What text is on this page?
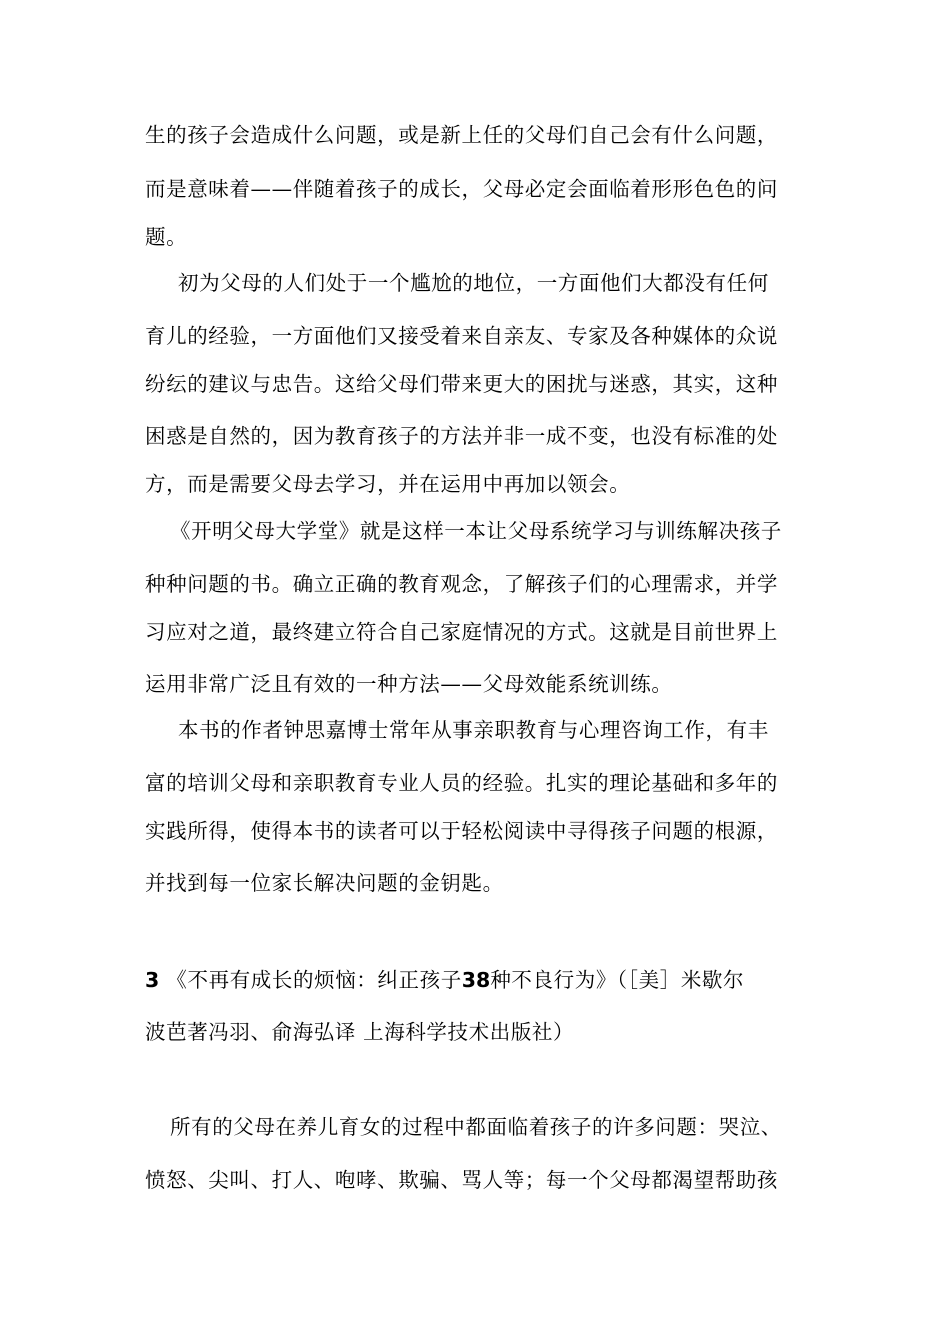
生的孩子会造成什么问题，或是新上任的父母们自己会有什么问题，
而是意味着——伴随着孩子的成长，父母必定会面临着形形色色的问
题。
初为父母的人们处于一个尴尬的地位，一方面他们大都没有任何
育儿的经验，一方面他们又接受着来自亲友、专家及各种媒体的众说
纷纭的建议与忠告。这给父母们带来更大的困扰与迷惑，其实，这种
困惑是自然的，因为教育孩子的方法并非一成不变，也没有标准的处
方，而是需要父母去学习，并在运用中再加以领会。
《开明父母大学堂》就是这样一本让父母系统学习与训练解决孩子
种种问题的书。确立正确的教育观念，了解孩子们的心理需求，并学
习应对之道，最终建立符合自己家庭情况的方式。这就是目前世界上
运用非常广泛且有效的一种方法——父母效能系统训练。
本书的作者钟思嘉博士常年从事亲职教育与心理咨询工作，有丰
富的培训父母和亲职教育专业人员的经验。扎实的理论基础和多年的
实践所得，使得本书的读者可以于轻松阅读中寻得孩子问题的根源，
并找到每一位家长解决问题的金钥匙。
3 《不再有成长的烦恼：纠正孩子38种不良行为》（［美］米歇尔
波芭著冯羽、俞海弘译 上海科学技术出版社）
所有的父母在养儿育女的过程中都面临着孩子的许多问题：哭泣、
愤怒、尖叫、打人、咆哮、欺骗、骂人等；每一个父母都渴望帮助孩
